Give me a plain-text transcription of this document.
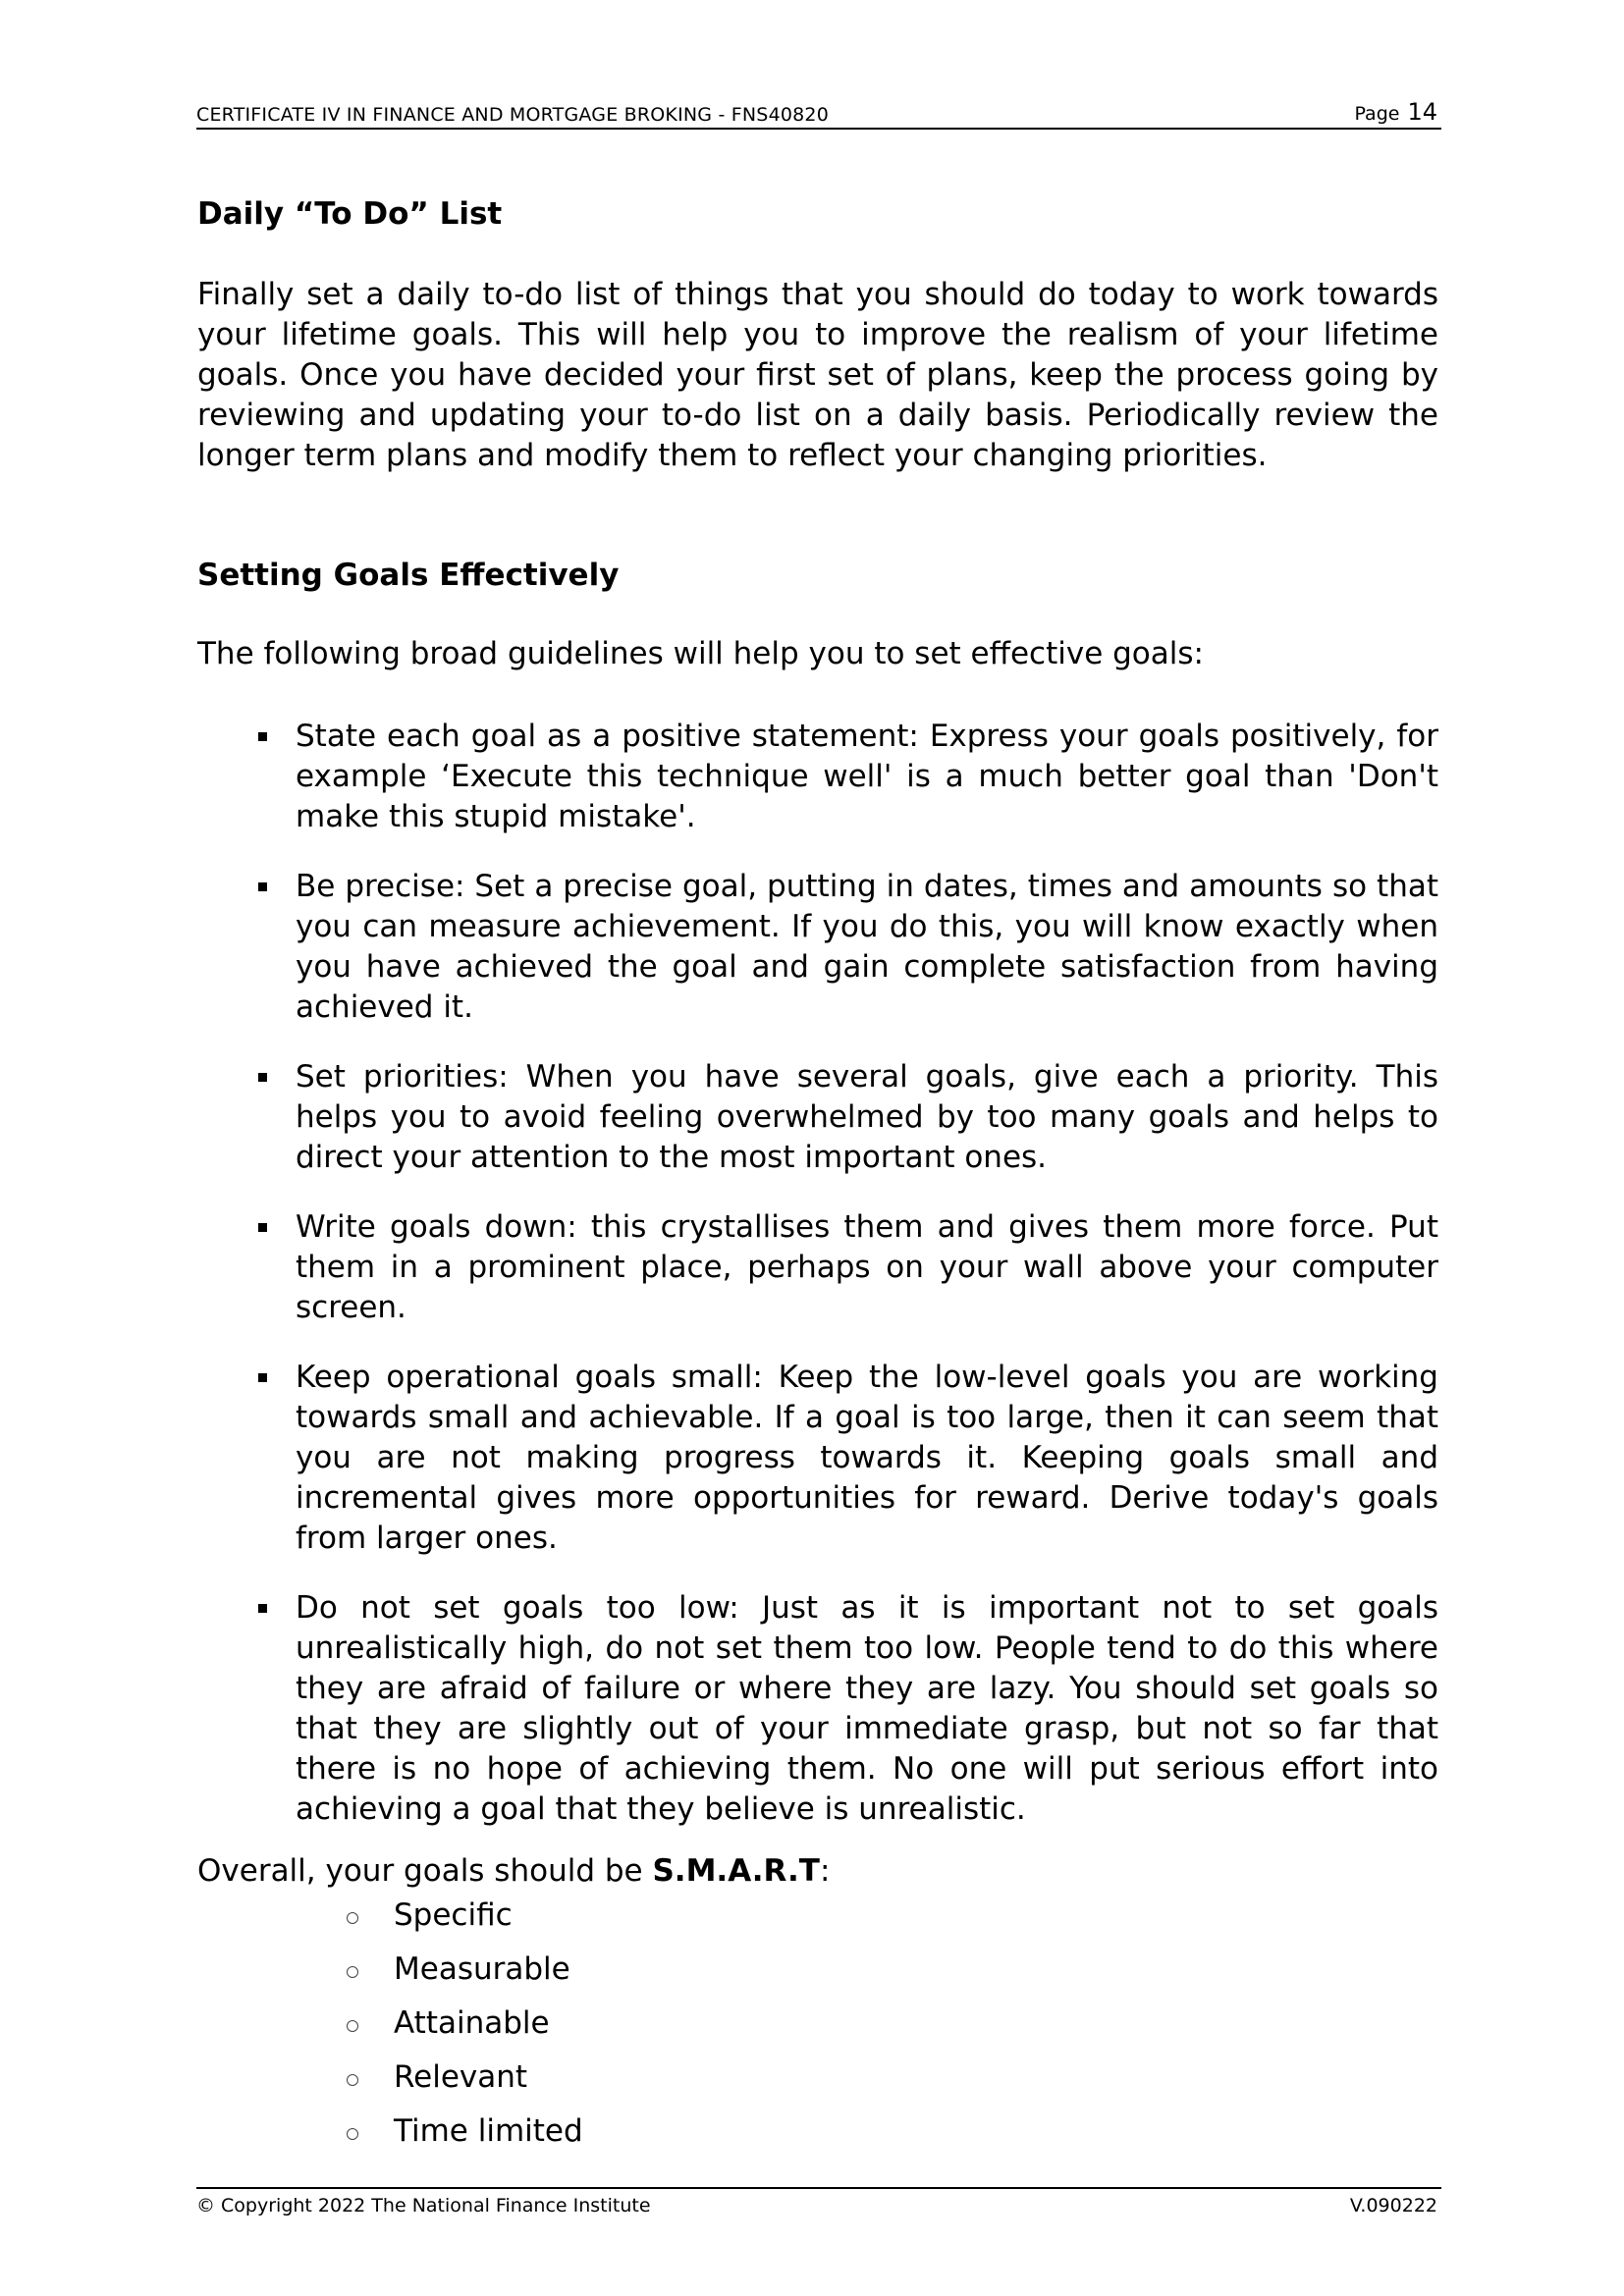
CERTIFICATE IV IN FINANCE AND MORTGAGE BROKING - FNS40820	Page 14
Daily “To Do” List

Finally set a daily to-do list of things that you should do today to work towards your lifetime goals. This will help you to improve the realism of your lifetime goals. Once you have decided your first set of plans, keep the process going by reviewing and updating your to-do list on a daily basis. Periodically review the longer term plans and modify them to reflect your changing priorities.

Setting Goals Effectively

The following broad guidelines will help you to set effective goals:

State each goal as a positive statement: Express your goals positively, for example ‘Execute this technique well' is a much better goal than 'Don't make this stupid mistake'.
Be precise: Set a precise goal, putting in dates, times and amounts so that you can measure achievement. If you do this, you will know exactly when you have achieved the goal and gain complete satisfaction from having achieved it.
Set priorities: When you have several goals, give each a priority. This helps you to avoid feeling overwhelmed by too many goals and helps to direct your attention to the most important ones.
Write goals down: this crystallises them and gives them more force. Put them in a prominent place, perhaps on your wall above your computer screen.
Keep operational goals small: Keep the low-level goals you are working towards small and achievable. If a goal is too large, then it can seem that you are not making progress towards it. Keeping goals small and incremental gives more opportunities for reward. Derive today's goals from larger ones.
Do not set goals too low: Just as it is important not to set goals unrealistically high, do not set them too low. People tend to do this where they are afraid of failure or where they are lazy. You should set goals so that they are slightly out of your immediate grasp, but not so far that there is no hope of achieving them. No one will put serious effort into achieving a goal that they believe is unrealistic.

Overall, your goals should be S.M.A.R.T:

Specific
Measurable
Attainable
Relevant
Time limited
© Copyright 2022 The National Finance Institute	V.090222
